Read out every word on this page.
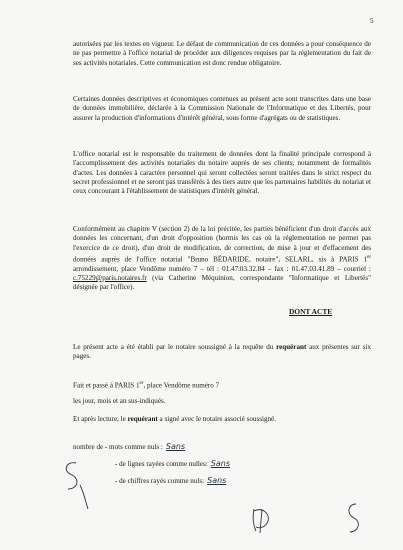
5

autorisées par les textes en vigueur. Le défaut de communication de ces données a pour conséquence de ne pas permettre à l'office notarial de procéder aux diligences requises par la réglementation du fait de ses activités notariales. Cette communication est donc rendue obligatoire.

Certaines données descriptives et économiques contenues au présent acte sont transcrites dans une base de données immobilière, déclarée à la Commission Nationale de l'Informatique et des Libertés, pour assurer la production d'informations d'intérêt général, sous forme d'agrégats ou de statistiques.

L'office notarial est le responsable du traitement de données dont la finalité principale correspond à l'accomplissement des activités notariales du notaire auprès de ses clients, notamment de formalités d'actes. Les données à caractère personnel qui seront collectées seront traitées dans le strict respect du secret professionnel et ne seront pas transférés à des tiers autre que les partenaires habilités du notariat et ceux concourant à l'établissement de statistiques d'intérêt général.

Conformément au chapitre V (section 2) de la loi précitée, les parties bénéficient d'un droit d'accès aux données les concernant, d'un droit d'opposition (hormis les cas où la réglementation ne permet pas l'exercice de ce droit), d'un droit de modification, de correction, de mise à jour et d'effacement des données auprès de l'office notarial "Bruno BÉDARIDE, notaire", SELARL, sis à PARIS 1er arrondissement, place Vendôme numéro 7 – tél : 01.47.03.32.84 – fax : 01.47.03.41.89 – courriel : c.75229@paris.notaires.fr (via Catherine Méquinion, correspondante "Informatique et Libertés" désignée par l'office).

DONT ACTE

Le présent acte a été établi par le notaire soussigné à la requête du requérant aux présentes sur six pages.

Fait et passé à PARIS 1er, place Vendôme numéro 7
les jour, mois et an sus-indiqués.
Et après lecture, le requérant a signé avec le notaire associé soussigné.
nombre de - mots comme nuls : Sans
- de lignes rayées comme nulles: Sans
- de chiffres rayés comme nuls: Sans
